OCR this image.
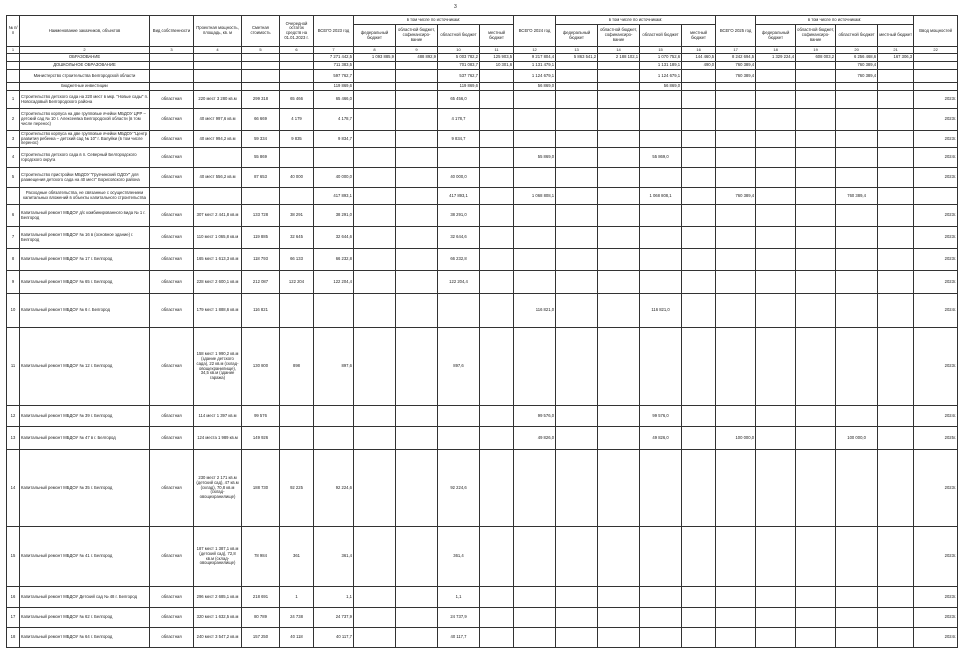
3
№ п/п	Наименование заказчиков, объектов	Вид собственности	Проектная мощность, площадь, кв. м	Сметная стоимость	Очередной остаток средств на 01.01.2023 г.	ВСЕГО 2023 год	в том числе по источникам:				ВСЕГО 2024 год	в том числе по источникам:				ВСЕГО 2025 год	в том числе по источникам:				Ввод мощностей
							федеральный бюджет	областной бюджет, софинансиро-вание	областной бюджет	местный бюджет		федеральный бюджет	областной бюджет, софинансиро-вание	областной бюджет	местный бюджет		федеральный бюджет	областной бюджет, софинансиро-вание	областной бюджет	местный бюджет	
1	2	3	4	5	6	7	8	9	10	11	12	13	14	15	16	17	18	19	20	21	22
	ОБРАЗОВАНИЕ					7 271 442,5	1 093 885,9	488 892,9	5 003 782,2	125 903,5	9 217 804,4	5 863 541,2	2 188 102,1	1 070 752,6	144 460,5	8 242 694,5	1 329 224,4	608 003,2	6 256 468,6	167 306,3	
	ДОШКОЛЬНОЕ ОБРАЗОВАНИЕ					711 383,5			701 083,7	10 301,6	1 131 479,1			1 131 189,1	490,0	760 389,4			760 389,4		
	Министерство строительства Белгородской области					597 762,7			537 762,7		1 124 679,1			1 124 679,1		760 389,4			760 389,4		
	Бюджетные инвестиции					119 869,6			119 869,6		56 869,0			56 869,0							
1	Строительство детского сада на 220 мест в мкр. "Новые сады" п. Новосадовый Белгородского района	областная	220 мест 3 280 кв.м	299 318	65 466	65 466,0			65 456,0												2023г.
2	Строительство корпуса на две групповые ячейки МБДОУ ЦРР – детский сад № 10 г. Алексеевка Белгородской области (в том числе перенос)	областная	40 мест 997,6 кв.м	66 669	4 179	4 178,7			4 178,7												2023г.
3	Строительство корпуса на две групповые ячейки МБДОУ "Центр развития ребенка – детский сад № 10" г. Валуйки (в том числе перенос)	областная	40 мест 994,2 кв.м	59 334	9 835	9 834,7			9 834,7												2023г.
4	Строительство детского сада в п. Северный Белгородского городского округа	областная		55 869							55 869,0			55 869,0							2024г.
5	Строительство пристройки МБДОУ "Грузчинский ОДОУ" для размещения детского сада на 40 мест" Борисовского района	областная	40 мест 556,2 кв.м	87 653	40 000	40 000,0			40 000,0												2023г.
	Расходные обязательства, не связанные с осуществлением капитальных вложений в объекты капитального строительства					417 893,1			417 893,1		1 068 808,1			1 068 808,1		760 389,4			760 389,4		
6	Капитальный ремонт МБДОУ д/с комбинированного вида № 1 г. Белгород	областная	307 мест 2 441,8 кв.м	133 728	38 291	38 291,0			38 291,0												2023г.
7	Капитальный ремонт МБДОУ № 16 в (основное здание) г. Белгород	областная	110 мест 1 065,8 кв.м	119 885	32 645	32 644,6			32 644,6												2023г.
8	Капитальный ремонт МБДОУ № 17 г. Белгород	областная	165 мест 1 613,3 кв.м	118 793	66 133	66 232,8			66 232,8												2023г.
9	Капитальный ремонт МБДОУ № 65 г. Белгород	областная	228 мест 2 600,1 кв.м	212 087	122 204	122 204,4			122 204,4												2023г.
10	Капитальный ремонт МБДОУ № 6 г. Белгород	областная	179 мест 1 888,6 кв.м	116 821							116 821,0			116 821,0							2024г.
11	Капитальный ремонт МБДОУ № 12 г. Белгород	областная	158 мест 1 990,2 кв.м (здание детского сада), 22 кв.м (склад-овощехранилище), 34,5 кв.м (здание гаража)	130 800	898	897,6			897,6												2023г.
12	Капитальный ремонт МБДОУ № 39 г. Белгород	областная	114 мест 1 397 кв.м	99 576							99 576,0			99 576,0							2024г.
13	Капитальный ремонт МБДОУ № 47 в г. Белгород	областная	124 места 1 989 кв.м	149 926							49 826,0			49 826,0		100 000,0			100 000,0		2025г.
14	Капитальный ремонт МБДОУ № 35 г. Белгород	областная	230 мест 2 171 кв.м (детский сад), 47 кв.м (склад), 70,8 кв.м (склад-овощехранилище)	188 730	92 225	92 224,6			92 224,6												2023г.
15	Капитальный ремонт МБДОУ № 41 г. Белгород	областная	187 мест 1 387,1 кв.м (детский сад), 72,8 кв.м (склад-овощехранилище)	78 984	361	361,4			361,4												2023г.
16	Капитальный ремонт МБДОУ Детский сад № 48 г. Белгород	областная	296 мест 2 685,1 кв.м	218 691	1	1,1			1,1												2023г.
17	Капитальный ремонт МБДОУ № 62 г. Белгород	областная	320 мест 1 632,5 кв.м	80 789	24 738	24 737,9			24 737,9												2023г.
18	Капитальный ремонт МБДОУ № 64 г. Белгород	областная	240 мест 3 547,2 кв.м	157 250	40 118	40 117,7			40 117,7												2024г.
